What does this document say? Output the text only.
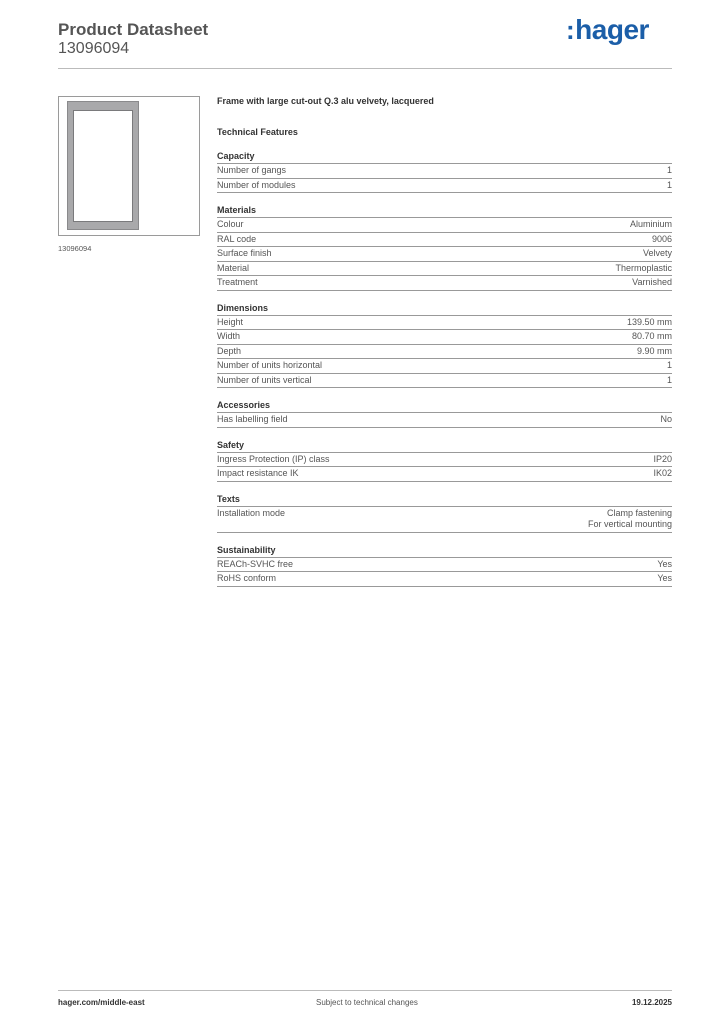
Product Datasheet
13096094
:hager
13096094
Frame with large cut-out Q.3 alu velvety, lacquered
Technical Features
Capacity
Number of gangs	1
Number of modules	1
Materials
Colour	Aluminium
RAL code	9006
Surface finish	Velvety
Material	Thermoplastic
Treatment	Varnished
Dimensions
Height	139.50 mm
Width	80.70 mm
Depth	9.90 mm
Number of units horizontal	1
Number of units vertical	1
Accessories
Has labelling field	No
Safety
Ingress Protection (IP) class	IP20
Impact resistance IK	IK02
Texts
Installation mode	Clamp fastening
For vertical mounting
Sustainability
REACh-SVHC free	Yes
RoHS conform	Yes
hager.com/middle-east	Subject to technical changes	19.12.2025
